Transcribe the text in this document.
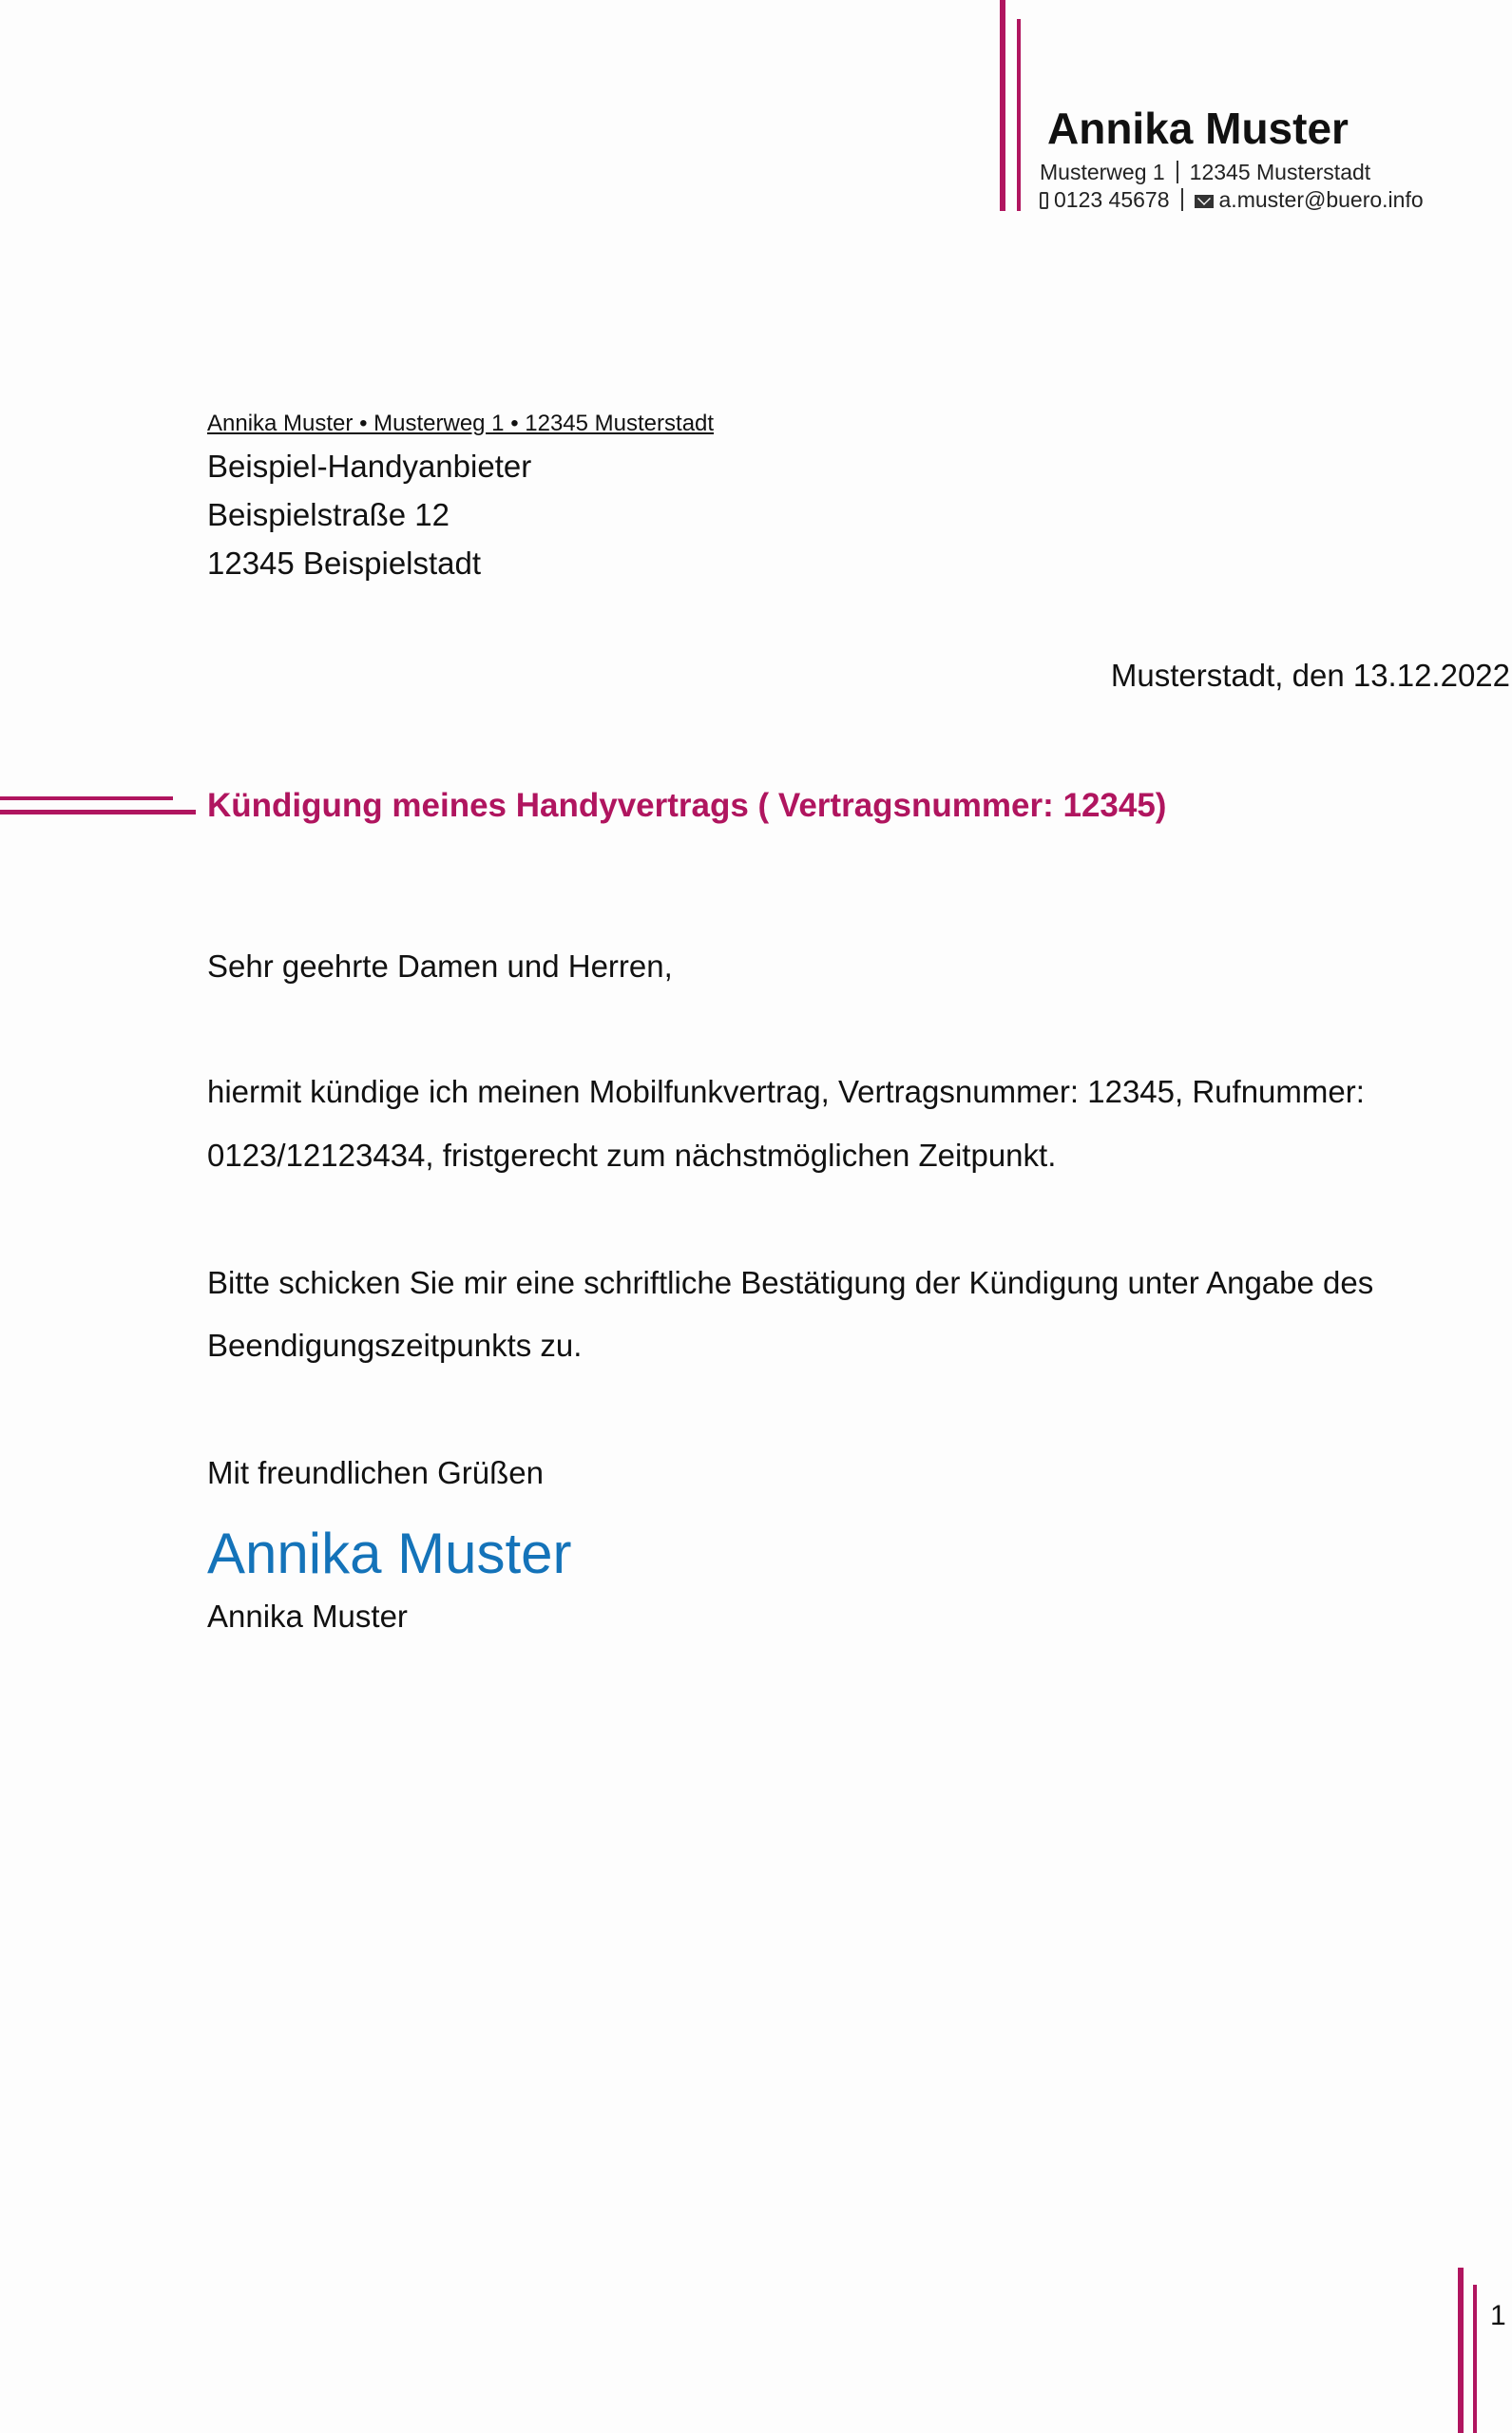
Annika Muster
Musterweg 1 12345 Musterstadt
0123 45678 a.muster@buero.info
Annika Muster • Musterweg 1 • 12345 Musterstadt
Beispiel-Handyanbieter
Beispielstraße 12
12345 Beispielstadt
Musterstadt, den 13.12.2022
Kündigung meines Handyvertrags ( Vertragsnummer: 12345)
Sehr geehrte Damen und Herren,
hiermit kündige ich meinen Mobilfunkvertrag, Vertragsnummer: 12345, Rufnummer:
0123/12123434, fristgerecht zum nächstmöglichen Zeitpunkt.
Bitte schicken Sie mir eine schriftliche Bestätigung der Kündigung unter Angabe des
Beendigungszeitpunkts zu.
Mit freundlichen Grüßen
Annika Muster
Annika Muster
1
